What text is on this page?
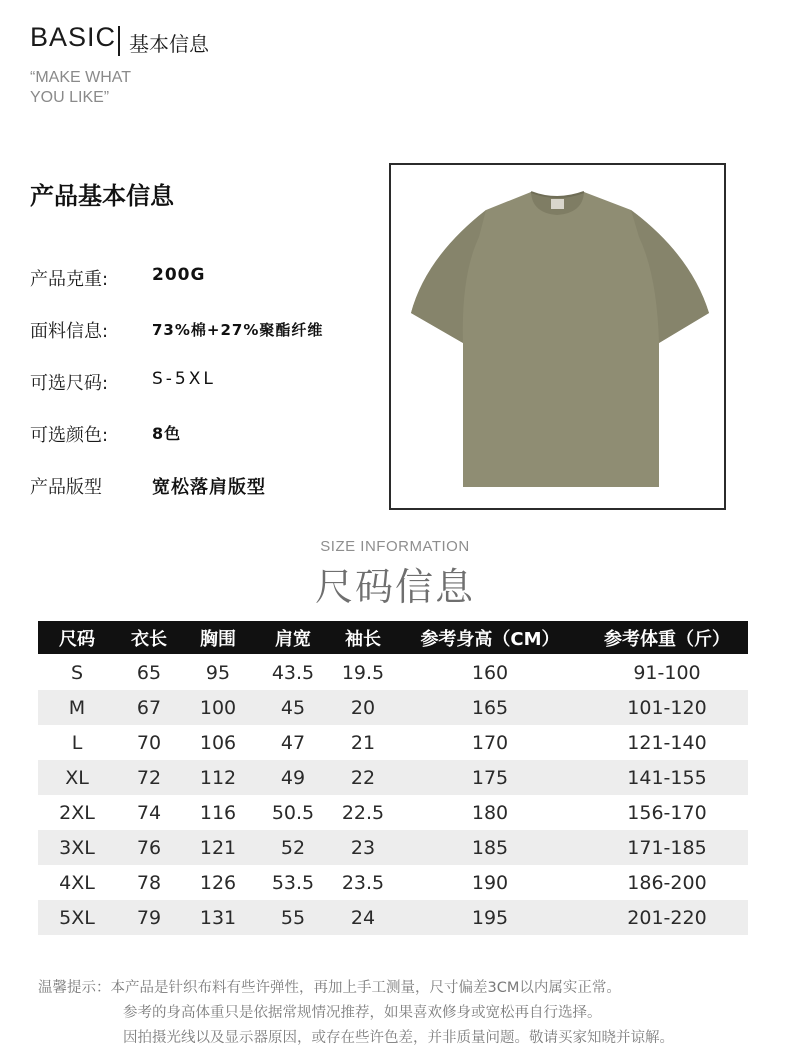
BASIC 基本信息
“MAKE WHAT
YOU LIKE”
产品基本信息
产品克重:	200G
面料信息:	73%棉+27%聚酯纤维
可选尺码:	S-5XL
可选颜色:	8色
产品版型	宽松落肩版型
SIZE INFORMATION
尺码信息
尺码	衣长	胸围	肩宽	袖长	参考身高（CM）	参考体重（斤）
S	65	95	43.5	19.5	160	91-100
M	67	100	45	20	165	101-120
L	70	106	47	21	170	121-140
XL	72	112	49	22	175	141-155
2XL	74	116	50.5	22.5	180	156-170
3XL	76	121	52	23	185	171-185
4XL	78	126	53.5	23.5	190	186-200
5XL	79	131	55	24	195	201-220
温馨提示：本产品是针织布料有些许弹性，再加上手工测量，尺寸偏差3CM以内属实正常。
参考的身高体重只是依据常规情况推荐，如果喜欢修身或宽松再自行选择。
因拍摄光线以及显示器原因，或存在些许色差，并非质量问题。敬请买家知晓并谅解。
